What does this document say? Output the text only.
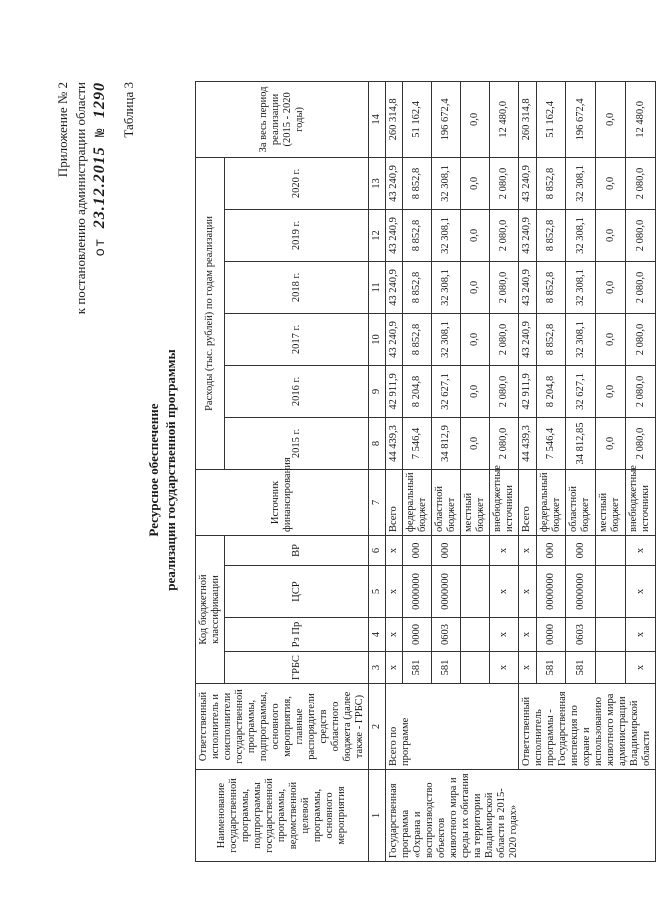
Приложение № 2 к постановлению администрации области от 23.12.2015 № 1290 Таблица 3
Ресурсное обеспечение реализации государственной программы
Наименование государственной программы, подпрограммы государственной программы, ведомственной целевой программы, основного мероприятия	Ответственный исполнитель и соисполнители государственной программы, подпрограммы, основного мероприятия, главные распорядители средств областного бюджета (далее также - ГРБС)	Код бюджетной классификации				Источник финансирования	Расходы (тыс. рублей) по годам реализации						За весь период реализации (2015 - 2020 годы)
		ГРБС	Рз Пр	ЦСР	ВР		2015 г.	2016 г.	2017 г.	2018 г.	2019 г.	2020 г.	

1	2	3	4	5	6	7	8	9	10	11	12	13	14
Государственная программа «Охрана и воспроизводство объектов животного мира и среды их обитания на территории Владимирской области в 2015-2020 годах»	Всего по программе	x	x	x	x	Всего	44 439,3	42 911,9	43 240,9	43 240,9	43 240,9	43 240,9	260 314,8
		581	0000	0000000	000	федеральный бюджет	7 546,4	8 204,8	8 852,8	8 852,8	8 852,8	8 852,8	51 162,4
		581	0603	0000000	000	областной бюджет	34 812,9	32 627,1	32 308,1	32 308,1	32 308,1	32 308,1	196 672,4
						местный бюджет	0,0	0,0	0,0	0,0	0,0	0,0	0,0
		x	x	x	x	внебюджетные источники	2 080,0	2 080,0	2 080,0	2 080,0	2 080,0	2 080,0	12 480,0
	Ответственный исполнитель программы - Государственная инспекция по охране и использованию животного мира администрации Владимирской области	x	x	x	x	Всего	44 439,3	42 911,9	43 240,9	43 240,9	43 240,9	43 240,9	260 314,8
		581	0000	0000000	000	федеральный бюджет	7 546,4	8 204,8	8 852,8	8 852,8	8 852,8	8 852,8	51 162,4
		581	0603	0000000	000	областной бюджет	34 812,85	32 627,1	32 308,1	32 308,1	32 308,1	32 308,1	196 672,4
						местный бюджет	0,0	0,0	0,0	0,0	0,0	0,0	0,0
		x	x	x	x	внебюджетные источники	2 080,0	2 080,0	2 080,0	2 080,0	2 080,0	2 080,0	12 480,0
